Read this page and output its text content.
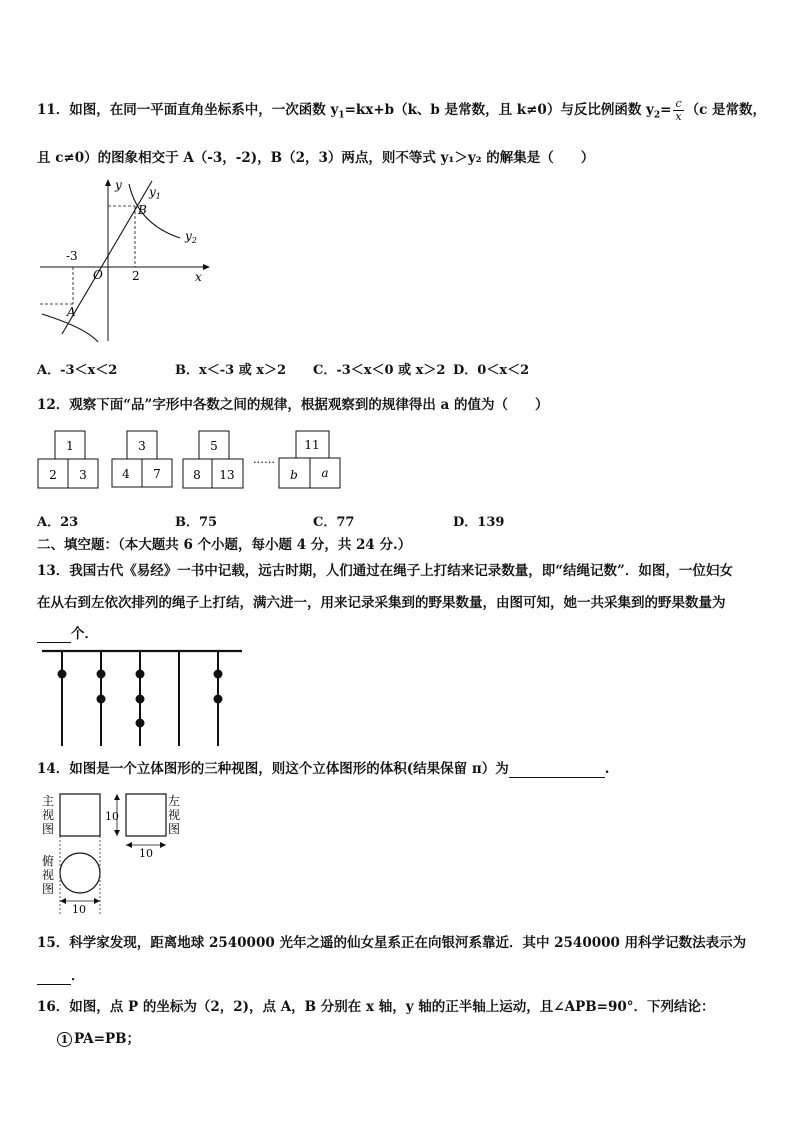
11．如图，在同一平面直角坐标系中，一次函数 $y_1=kx+b(k$、b 是常数，且 k≠0）与反比例函数 $y_2= \frac{c}{x} (c$ 是常数，
且 c≠0）的图象相交于 A（-3，-2)，B（2，3）两点，则不等式 y₁＞y₂ 的解集是（　　）
y
x
O
-3
2
B
A
$y_1$
$y_2$
A．-3＜x＜2	B．x＜-3 或 x＞2 C．-3＜x＜0 或 x＞2 D．0＜x＜2
12．观察下面“品”字形中各数之间的规律，根据观察到的规律得出 a 的值为（　　）
1
2 3
3
4 7
5
8 13
……
11
b a
A．23	B．75	C．77	D．139
二、填空题：（本大题共 6 个小题，每小题 4 分，共 24 分.）
13．我国古代《易经》一书中记载，远古时期，人们通过在绳子上打结来记录数量，即“结绳记数”．如图，一位妇女
在从右到左依次排列的绳子上打结，满六进一，用来记录采集到的野果数量，由图可知，她一共采集到的野果数量为
个．
14．如图是一个立体图形的三种视图，则这个立体图形的体积(结果保留 π）为	.
主
视
图
10
左
视
图
10
俯
视
图
10
15．科学家发现，距离地球 2540000 光年之遥的仙女星系正在向银河系靠近．其中 2540000 用科学记数法表示为
．
16．如图，点 P 的坐标为（2，2)，点 A，B 分别在 x 轴，y 轴的正半轴上运动，且∠APB=90°．下列结论：
1 PA=PB；
